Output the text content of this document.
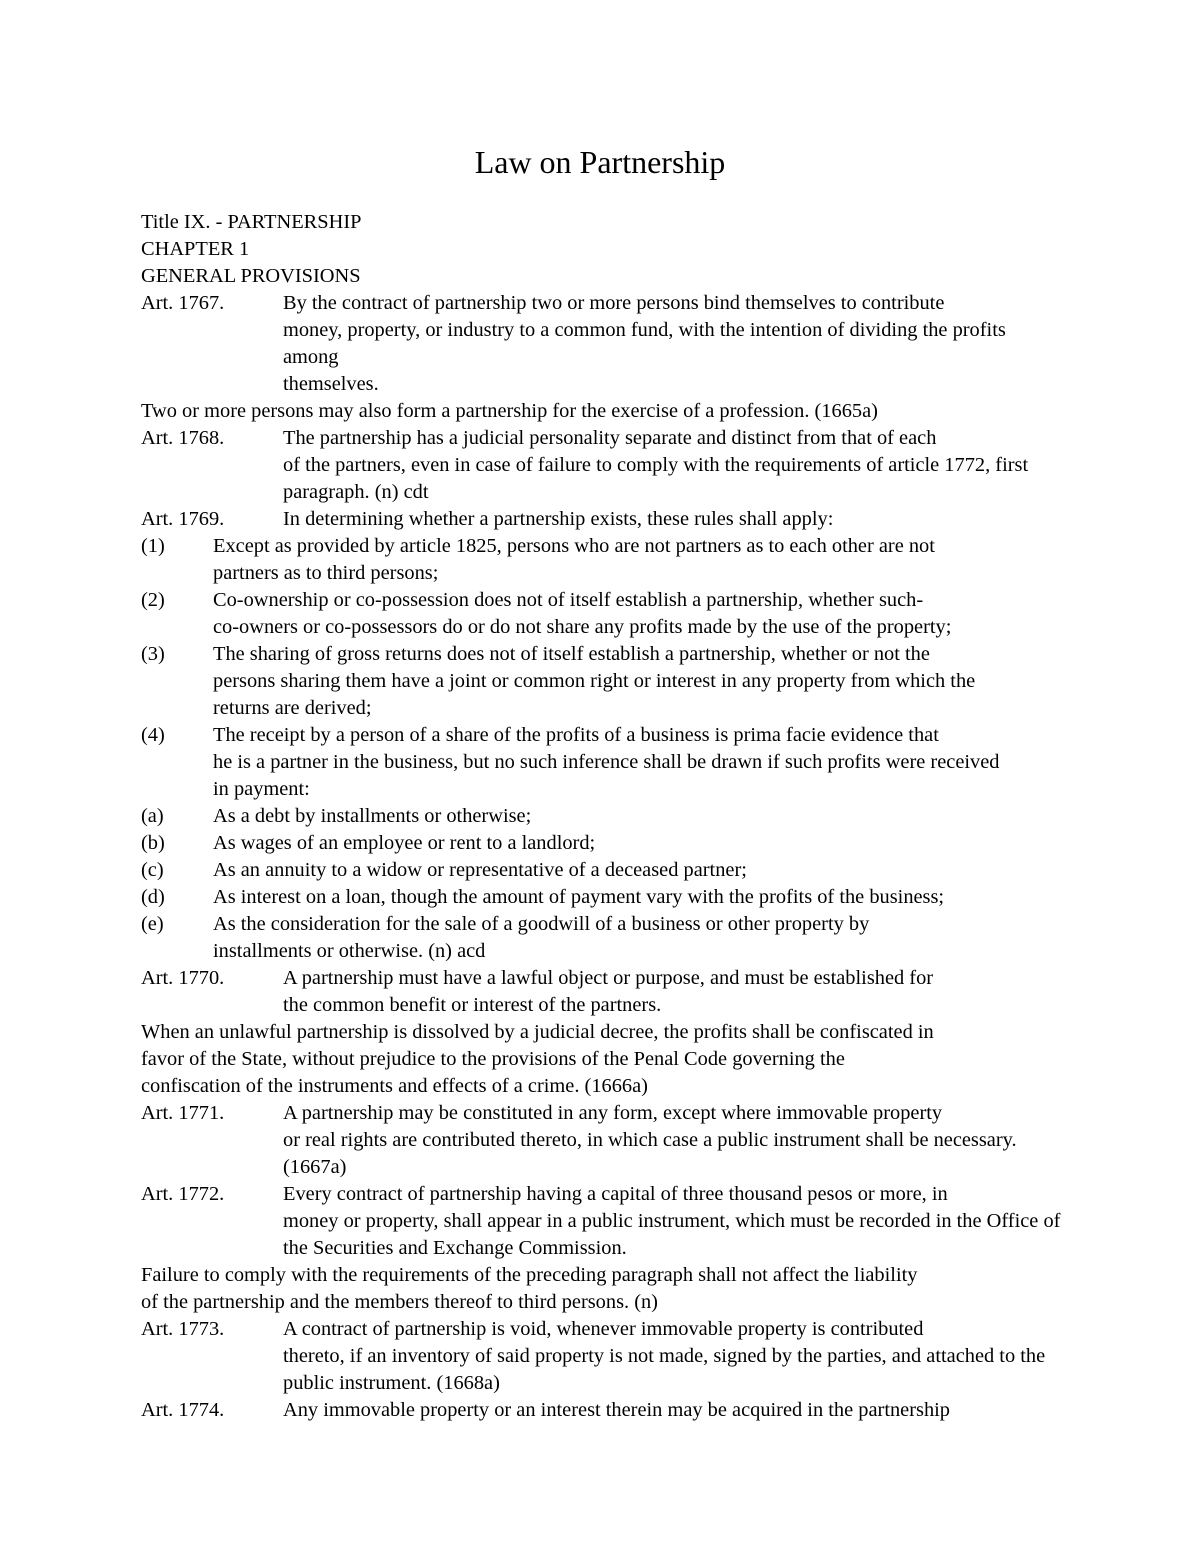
Law on Partnership
Title IX. - PARTNERSHIP
CHAPTER 1
GENERAL PROVISIONS
Art. 1767.	By the contract of partnership two or more persons bind themselves to contribute
money, property, or industry to a common fund, with the intention of dividing the profits among
themselves.
Two or more persons may also form a partnership for the exercise of a profession. (1665a)
Art. 1768.	The partnership has a judicial personality separate and distinct from that of each
of the partners, even in case of failure to comply with the requirements of article 1772, first
paragraph. (n) cdt
Art. 1769.	In determining whether a partnership exists, these rules shall apply:
(1) Except as provided by article 1825, persons who are not partners as to each other are not
partners as to third persons;
(2) Co-ownership or co-possession does not of itself establish a partnership, whether such-
co-owners or co-possessors do or do not share any profits made by the use of the property;
(3) The sharing of gross returns does not of itself establish a partnership, whether or not the
persons sharing them have a joint or common right or interest in any property from which the
returns are derived;
(4) The receipt by a person of a share of the profits of a business is prima facie evidence that
he is a partner in the business, but no such inference shall be drawn if such profits were received
in payment:
(a) As a debt by installments or otherwise;
(b) As wages of an employee or rent to a landlord;
(c) As an annuity to a widow or representative of a deceased partner;
(d) As interest on a loan, though the amount of payment vary with the profits of the business;
(e) As the consideration for the sale of a goodwill of a business or other property by
installments or otherwise. (n) acd
Art. 1770.	A partnership must have a lawful object or purpose, and must be established for
the common benefit or interest of the partners.
When an unlawful partnership is dissolved by a judicial decree, the profits shall be confiscated in
favor of the State, without prejudice to the provisions of the Penal Code governing the
confiscation of the instruments and effects of a crime. (1666a)
Art. 1771.	A partnership may be constituted in any form, except where immovable property
or real rights are contributed thereto, in which case a public instrument shall be necessary.
(1667a)
Art. 1772.	Every contract of partnership having a capital of three thousand pesos or more, in
money or property, shall appear in a public instrument, which must be recorded in the Office of
the Securities and Exchange Commission.
Failure to comply with the requirements of the preceding paragraph shall not affect the liability
of the partnership and the members thereof to third persons. (n)
Art. 1773.	A contract of partnership is void, whenever immovable property is contributed
thereto, if an inventory of said property is not made, signed by the parties, and attached to the
public instrument. (1668a)
Art. 1774.	Any immovable property or an interest therein may be acquired in the partnership
